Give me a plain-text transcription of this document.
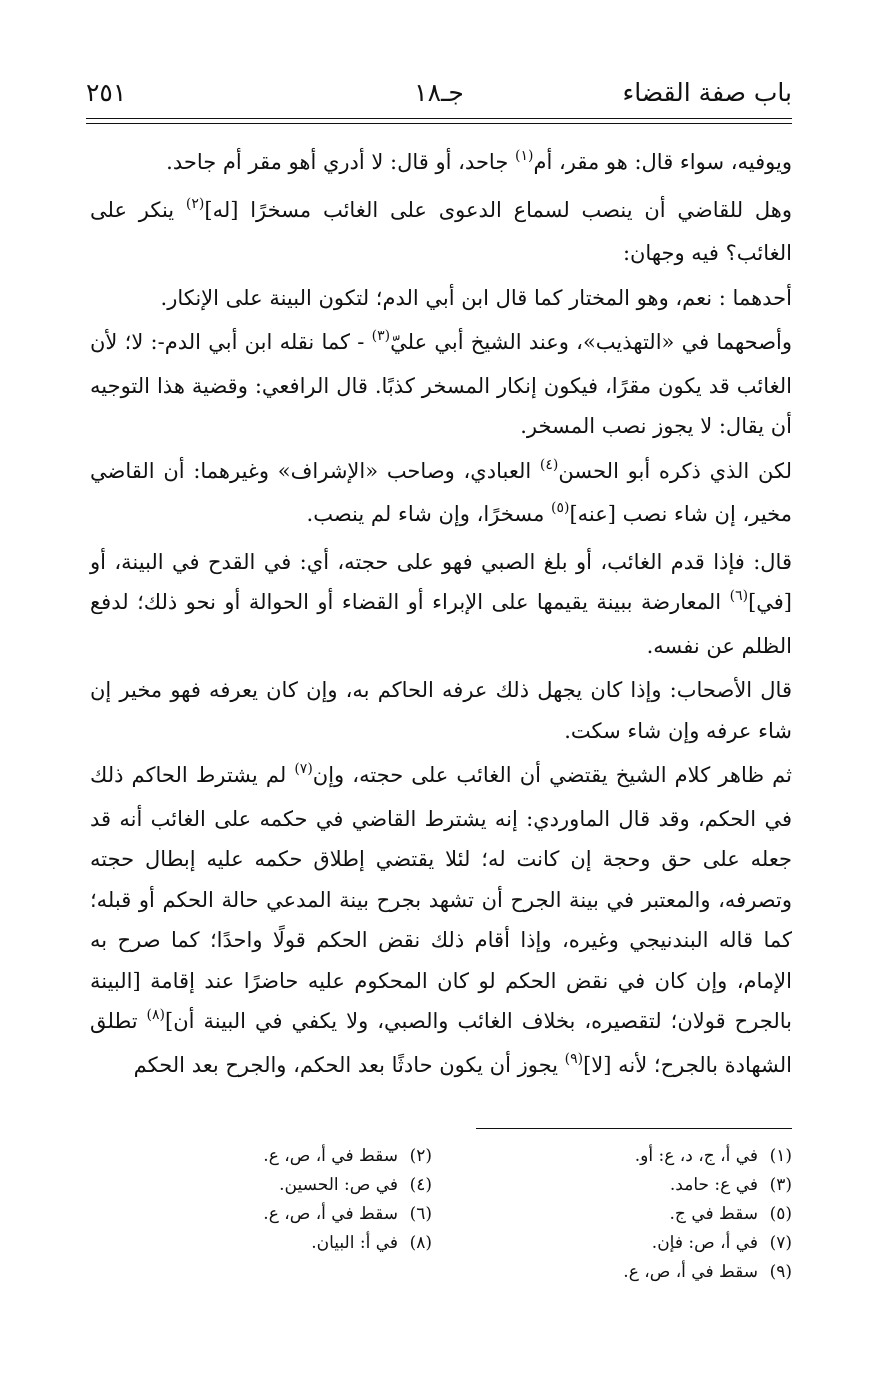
باب صفة القضاء
جـ١٨
٢٥١

ويوفيه، سواء قال: هو مقر، أم$^{(١)}$ جاحد، أو قال: لا أدري أهو مقر أم جاحد.

وهل للقاضي أن ينصب لسماع الدعوى على الغائب مسخرًا [له]$^{(٢)}$ ينكر على الغائب؟ فيه وجهان:

أحدهما : نعم، وهو المختار كما قال ابن أبي الدم؛ لتكون البينة على الإنكار.

وأصحهما في «التهذيب»، وعند الشيخ أبي عليّ$^{(٣)}$ - كما نقله ابن أبي الدم-: لا؛ لأن الغائب قد يكون مقرًا، فيكون إنكار المسخر كذبًا. قال الرافعي: وقضية هذا التوجيه أن يقال: لا يجوز نصب المسخر.

لكن الذي ذكره أبو الحسن$^{(٤)}$ العبادي، وصاحب «الإشراف» وغيرهما: أن القاضي مخير، إن شاء نصب [عنه]$^{(٥)}$ مسخرًا، وإن شاء لم ينصب.

قال: فإذا قدم الغائب، أو بلغ الصبي فهو على حجته، أي: في القدح في البينة، أو [في]$^{(٦)}$ المعارضة ببينة يقيمها على الإبراء أو القضاء أو الحوالة أو نحو ذلك؛ لدفع الظلم عن نفسه.

قال الأصحاب: وإذا كان يجهل ذلك عرفه الحاكم به، وإن كان يعرفه فهو مخير إن شاء عرفه وإن شاء سكت.

ثم ظاهر كلام الشيخ يقتضي أن الغائب على حجته، وإن$^{(٧)}$ لم يشترط الحاكم ذلك في الحكم، وقد قال الماوردي: إنه يشترط القاضي في حكمه على الغائب أنه قد جعله على حق وحجة إن كانت له؛ لئلا يقتضي إطلاق حكمه عليه إبطال حجته وتصرفه، والمعتبر في بينة الجرح أن تشهد بجرح بينة المدعي حالة الحكم أو قبله؛ كما قاله البندنيجي وغيره، وإذا أقام ذلك نقض الحكم قولًا واحدًا؛ كما صرح به الإمام، وإن كان في نقض الحكم لو كان المحكوم عليه حاضرًا عند إقامة [البينة بالجرح قولان؛ لتقصيره، بخلاف الغائب والصبي، ولا يكفي في البينة أن]$^{(٨)}$ تطلق الشهادة بالجرح؛ لأنه [لا]$^{(٩)}$ يجوز أن يكون حادثًا بعد الحكم، والجرح بعد الحكم

(١)في أ، ج، د، ع: أو.
(٣)في ع: حامد.
(٥)سقط في ج.
(٧)في أ، ص: فإن.
(٩)سقط في أ، ص، ع.
(٢)سقط في أ، ص، ع.
(٤)في ص: الحسين.
(٦)سقط في أ، ص، ع.
(٨)في أ: البيان.
